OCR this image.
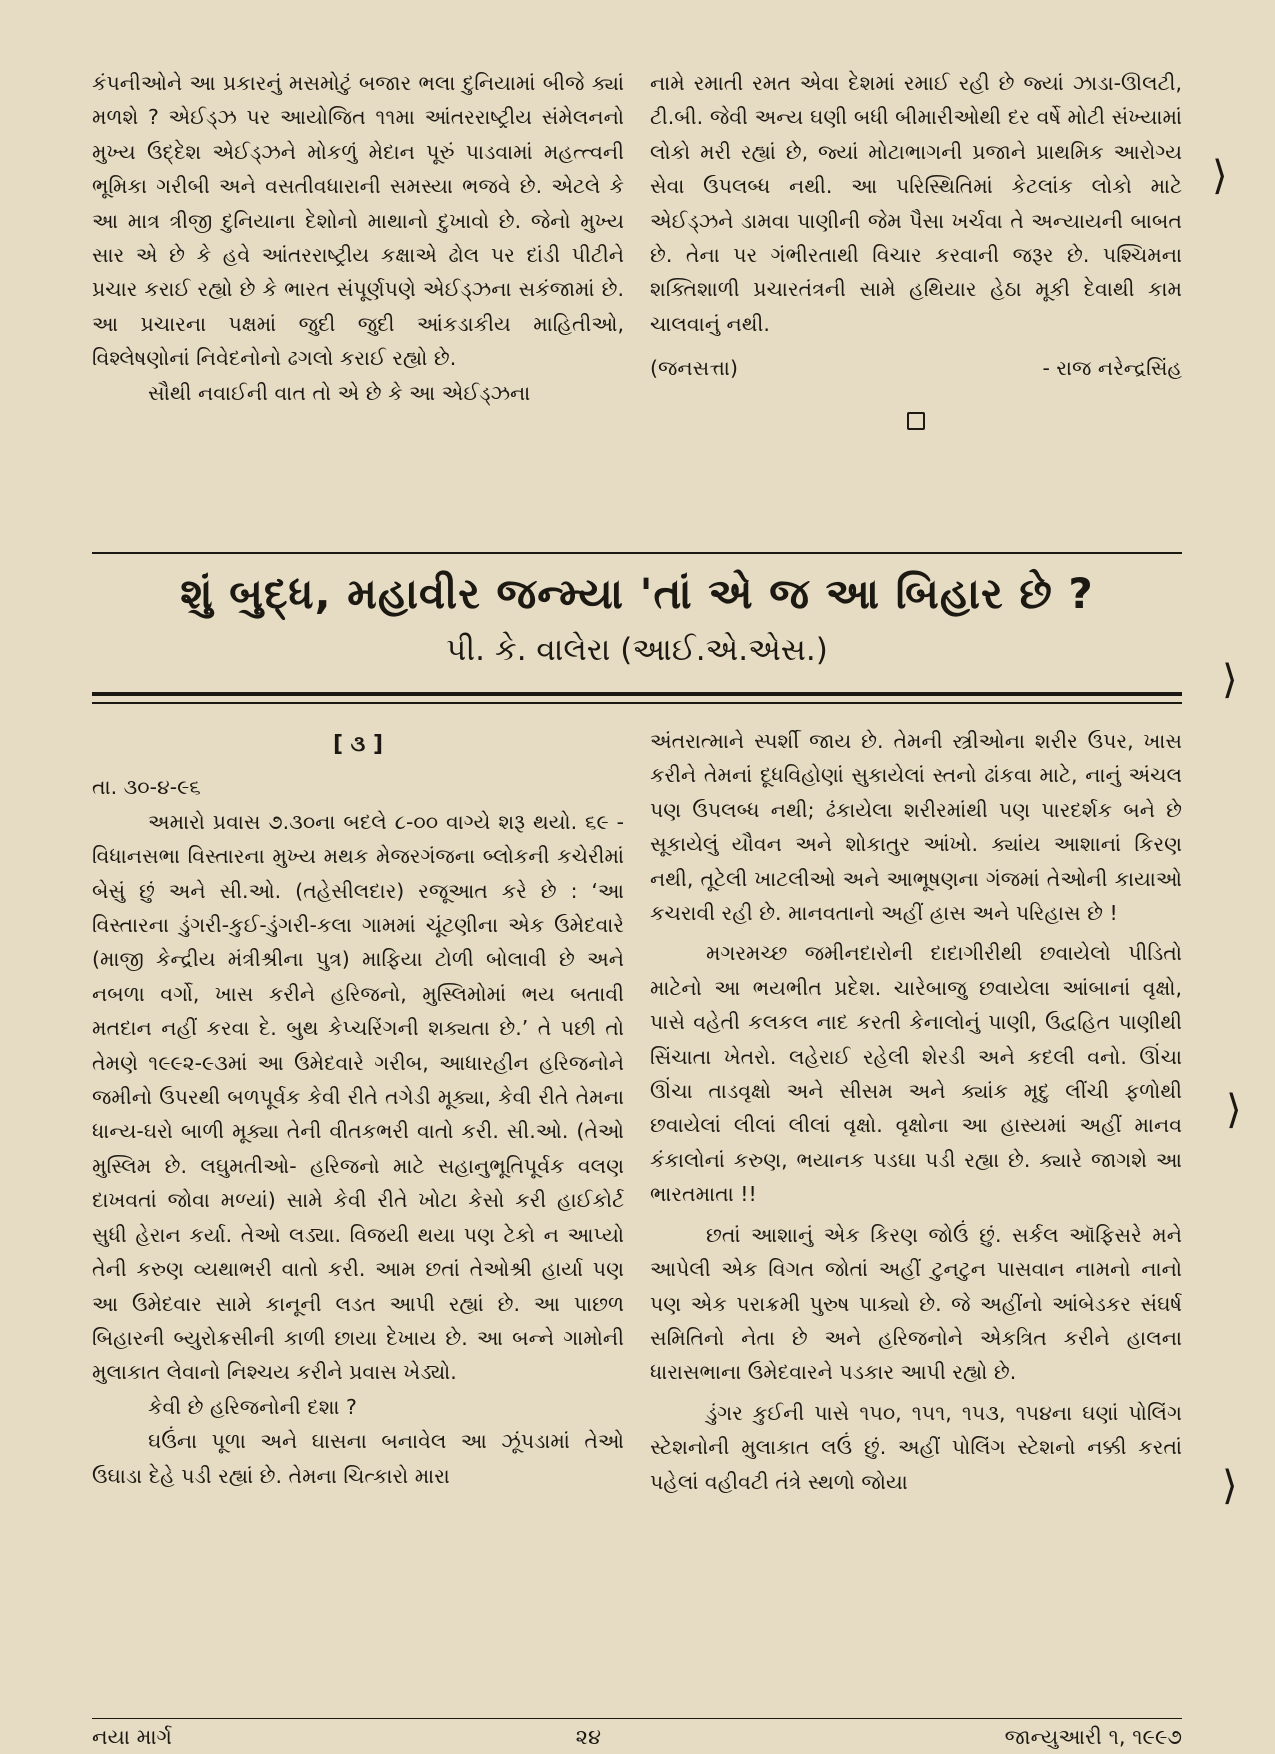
કંપનીઓને આ પ્રકારનું મસમોટું બજાર ભલા દુનિયામાં બીજે ક્યાં મળશે ? એઈડ્ઝ પર આયોજિત ૧૧મા આંતરરાષ્ટ્રીય સંમેલનનો મુખ્ય ઉદ્દેશ એઈડ્ઝને મોકળું મેદાન પૂરું પાડવામાં મહત્ત્વની ભૂમિકા ગરીબી અને વસતીવધારાની સમસ્યા ભજવે છે. એટલે કે આ માત્ર ત્રીજી દુનિયાના દેશોનો માથાનો દુખાવો છે. જેનો મુખ્ય સાર એ છે કે હવે આંતરરાષ્ટ્રીય કક્ષાએ ઢોલ પર દાંડી પીટીને પ્રચાર કરાઈ રહ્યો છે કે ભારત સંપૂર્ણપણે એઈડ્ઝના સકંજામાં છે. આ પ્રચારના પક્ષમાં જુદી જુદી આંકડાકીય માહિતીઓ, વિશ્લેષણોનાં નિવેદનોનો ઢગલો કરાઈ રહ્યો છે.

સૌથી નવાઈની વાત તો એ છે કે આ એઈડ્ઝના

નામે રમાતી રમત એવા દેશમાં રમાઈ રહી છે જ્યાં ઝાડા-ઊલટી, ટી.બી. જેવી અન્ય ઘણી બધી બીમારીઓથી દર વર્ષે મોટી સંખ્યામાં લોકો મરી રહ્યાં છે, જ્યાં મોટાભાગની પ્રજાને પ્રાથમિક આરોગ્ય સેવા ઉપલબ્ધ નથી. આ પરિસ્થિતિમાં કેટલાંક લોકો માટે એઈડ્ઝને ડામવા પાણીની જેમ પૈસા ખર્ચવા તે અન્યાયની બાબત છે. તેના પર ગંભીરતાથી વિચાર કરવાની જરૂર છે. પશ્ચિમના શક્તિશાળી પ્રચારતંત્રની સામે હથિયાર હેઠા મૂકી દેવાથી કામ ચાલવાનું નથી.

(જનસત્તા)	- રાજ નરેન્દ્રસિંહ
શું બુદ્ધ, મહાવીર જન્મ્યા 'તાં એ જ આ બિહાર છે ?
પી. કે. વાલેરા (આઈ.એ.એસ.)
[ ૩ ]

તા. ૩૦-૪-૯૬

અમારો પ્રવાસ ૭.૩૦ના બદલે ૮-૦૦ વાગ્યે શરૂ થયો. ૬૯ - વિધાનસભા વિસ્તારના મુખ્ય મથક મેજરગંજના બ્લોકની કચેરીમાં બેસું છું અને સી.ઓ. (તહેસીલદાર) રજૂઆત કરે છે : ‘આ વિસ્તારના ડુંગરી-કુઈ-ડુંગરી-કલા ગામમાં ચૂંટણીના એક ઉમેદવારે (માજી કેન્દ્રીય મંત્રીશ્રીના પુત્ર) માફિયા ટોળી બોલાવી છે અને નબળા વર્ગો, ખાસ કરીને હરિજનો, મુસ્લિમોમાં ભય બતાવી મતદાન નહીં કરવા દે. બુથ કેપ્ચરિંગની શક્યતા છે.’ તે પછી તો તેમણે ૧૯૯૨-૯૩માં આ ઉમેદવારે ગરીબ, આધારહીન હરિજનોને જમીનો ઉપરથી બળપૂર્વક કેવી રીતે તગેડી મૂક્યા, કેવી રીતે તેમના ધાન્ય-ઘરો બાળી મૂક્યા તેની વીતકભરી વાતો કરી. સી.ઓ. (તેઓ મુસ્લિમ છે. લઘુમતીઓ- હરિજનો માટે સહાનુભૂતિપૂર્વક વલણ દાખવતાં જોવા મળ્યાં) સામે કેવી રીતે ખોટા કેસો કરી હાઈકોર્ટ સુધી હેરાન કર્યા. તેઓ લડ્યા. વિજયી થયા પણ ટેકો ન આપ્યો તેની કરુણ વ્યથાભરી વાતો કરી. આમ છતાં તેઓશ્રી હાર્યા પણ આ ઉમેદવાર સામે કાનૂની લડત આપી રહ્યાં છે. આ પાછળ બિહારની બ્યુરોક્રસીની કાળી છાયા દેખાય છે. આ બન્ને ગામોની મુલાકાત લેવાનો નિશ્ચય કરીને પ્રવાસ ખેડ્યો.

કેવી છે હરિજનોની દશા ?

ઘઉંના પૂળા અને ઘાસના બનાવેલ આ ઝૂંપડામાં તેઓ ઉઘાડા દેહે પડી રહ્યાં છે. તેમના ચિત્કારો મારા

અંતરાત્માને સ્પર્શી જાય છે. તેમની સ્ત્રીઓના શરીર ઉપર, ખાસ કરીને તેમનાં દૂધવિહોણાં સુકાયેલાં સ્તનો ઢાંકવા માટે, નાનું અંચલ પણ ઉપલબ્ધ નથી; ઢંકાયેલા શરીરમાંથી પણ પારદર્શક બને છે સૂકાયેલું યૌવન અને શોકાતુર આંખો. ક્યાંય આશાનાં કિરણ નથી, તૂટેલી ખાટલીઓ અને આભૂષણના ગંજમાં તેઓની કાયાઓ કચરાવી રહી છે. માનવતાનો અહીં હ્રાસ અને પરિહાસ છે !

મગરમચ્છ જમીનદારોની દાદાગીરીથી છવાયેલો પીડિતો માટેનો આ ભયભીત પ્રદેશ. ચારેબાજુ છવાયેલા આંબાનાં વૃક્ષો, પાસે વહેતી કલકલ નાદ કરતી કેનાલોનું પાણી, ઉદ્વહિત પાણીથી સિંચાતા ખેતરો. લહેરાઈ રહેલી શેરડી અને કદલી વનો. ઊંચા ઊંચા તાડવૃક્ષો અને સીસમ અને ક્યાંક મૃદુ લીંચી ફળોથી છવાયેલાં લીલાં લીલાં વૃક્ષો. વૃક્ષોના આ હાસ્યમાં અહીં માનવ કંકાલોનાં કરુણ, ભયાનક પડઘા પડી રહ્યા છે. ક્યારે જાગશે આ ભારતમાતા !!

છતાં આશાનું એક કિરણ જોઉં છું. સર્કલ ઑફિસરે મને આપેલી એક વિગત જોતાં અહીં ટુનટુન પાસવાન નામનો નાનો પણ એક પરાક્રમી પુરુષ પાક્યો છે. જે અહીંનો આંબેડકર સંઘર્ષ સમિતિનો નેતા છે અને હરિજનોને એકત્રિત કરીને હાલના ધારાસભાના ઉમેદવારને પડકાર આપી રહ્યો છે.

ડુંગર કુઈની પાસે ૧૫૦, ૧૫૧, ૧૫૩, ૧૫૪ના ઘણાં પોલિંગ સ્ટેશનોની મુલાકાત લઉં છું. અહીં પોલિંગ સ્ટેશનો નક્કી કરતાં પહેલાં વહીવટી તંત્રે સ્થળો જોયા

નયા માર્ગ	૨૪	જાન્યુઆરી ૧, ૧૯૯૭
⟩
⟩
⟩
⟩
